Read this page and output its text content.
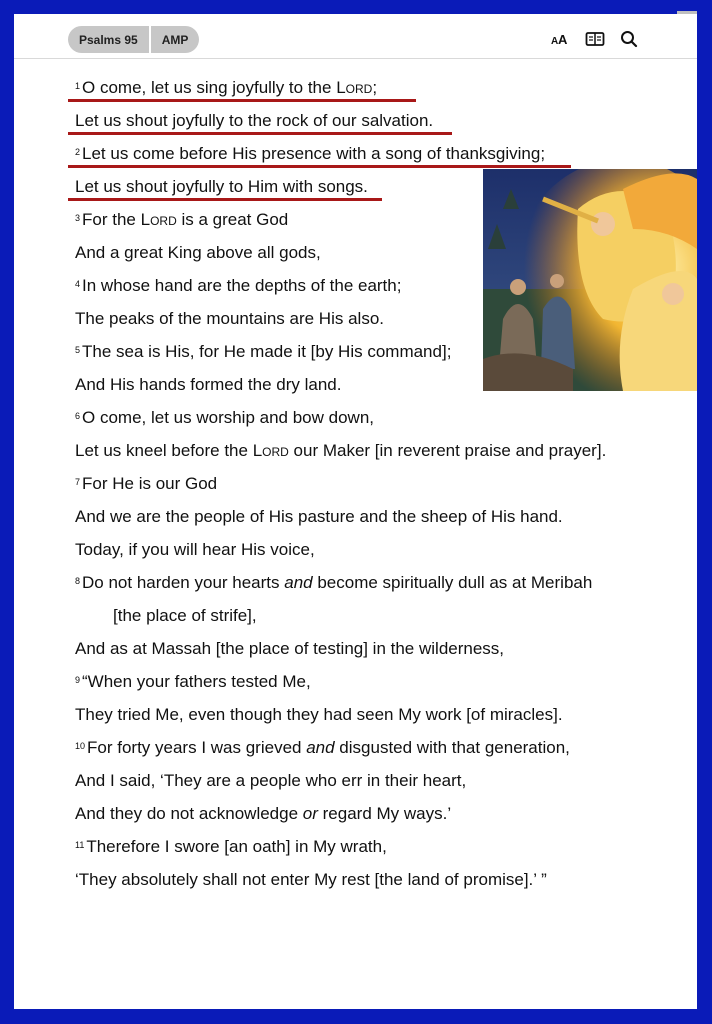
Psalms 95	AMP	A A
$^1$ O come, let us sing joyfully to the Lord;
Let us shout joyfully to the rock of our salvation.
$^2$ Let us come before His presence with a song of thanksgiving;
Let us shout joyfully to Him with songs.
$^3$ For the Lord is a great God
And a great King above all gods,
$^4$ In whose hand are the depths of the earth;
The peaks of the mountains are His also.
$^5$ The sea is His, for He made it [by His command];
And His hands formed the dry land.
$^6$ O come, let us worship and bow down,
Let us kneel before the Lord our Maker [in reverent praise and prayer].
$^7$ For He is our God
And we are the people of His pasture and the sheep of His hand.
Today, if you will hear His voice,
$^8$ Do not harden your hearts and become spiritually dull as at Meribah
[the place of strife],
And as at Massah [the place of testing] in the wilderness,
$^9$ “When your fathers tested Me,
They tried Me, even though they had seen My work [of miracles].
$^{10}$ For forty years I was grieved and disgusted with that generation,
And I said, ‘They are a people who err in their heart,
And they do not acknowledge or regard My ways.’
$^{11}$ Therefore I swore [an oath] in My wrath,
‘They absolutely shall not enter My rest [the land of promise].’ ”
